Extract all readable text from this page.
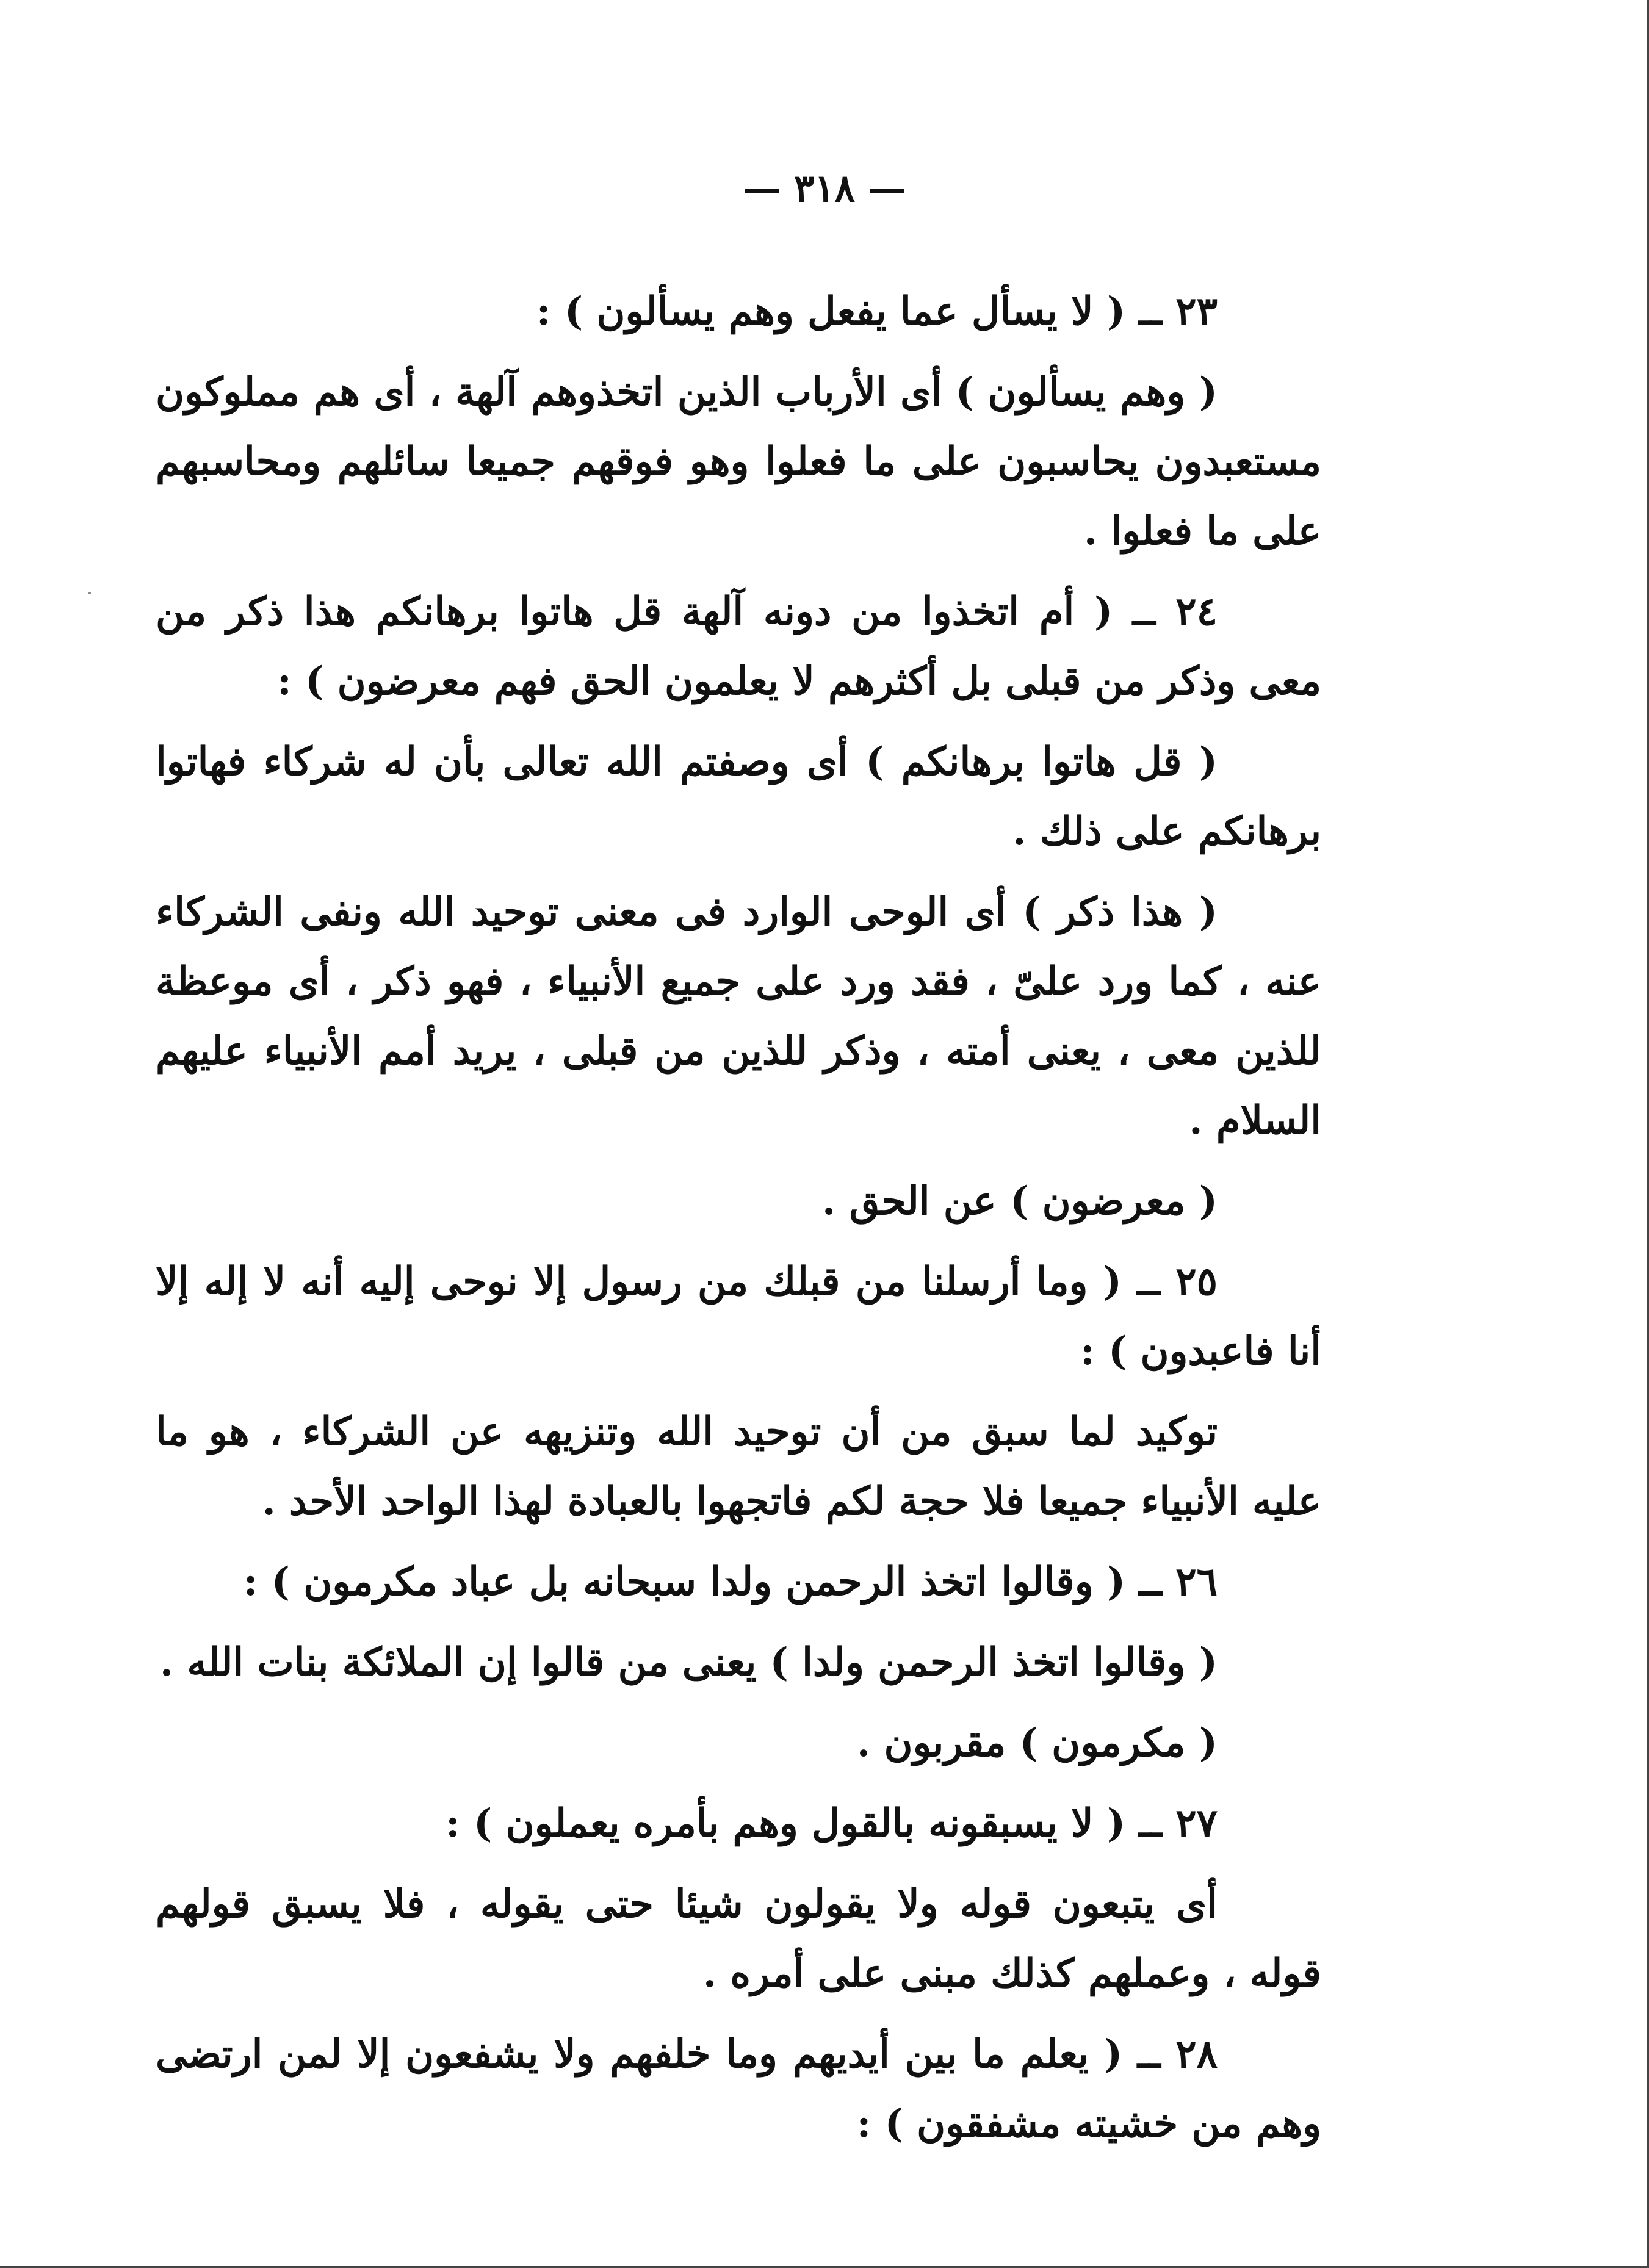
— ٣١٨ —

٢٣ ــ ( لا يسأل عما يفعل وهم يسألون ) :

( وهم يسألون ) أى الأرباب الذين اتخذوهم آلهة ، أى هم مملوكون مستعبدون يحاسبون على ما فعلوا وهو فوقهم جميعا سائلهم ومحاسبهم على ما فعلوا .

٢٤ ــ ( أم اتخذوا من دونه آلهة قل هاتوا برهانكم هذا ذكر من معى وذكر من قبلى بل أكثرهم لا يعلمون الحق فهم معرضون ) :

( قل هاتوا برهانكم ) أى وصفتم الله تعالى بأن له شركاء فهاتوا برهانكم على ذلك .

( هذا ذكر ) أى الوحى الوارد فى معنى توحيد الله ونفى الشركاء عنه ، كما ورد علىّ ، فقد ورد على جميع الأنبياء ، فهو ذكر ، أى موعظة للذين معى ، يعنى أمته ، وذكر للذين من قبلى ، يريد أمم الأنبياء عليهم السلام .

( معرضون ) عن الحق .

٢٥ ــ ( وما أرسلنا من قبلك من رسول إلا نوحى إليه أنه لا إله إلا أنا فاعبدون ) :

توكيد لما سبق من أن توحيد الله وتنزيهه عن الشركاء ، هو ما عليه الأنبياء جميعا فلا حجة لكم فاتجهوا بالعبادة لهذا الواحد الأحد .

٢٦ ــ ( وقالوا اتخذ الرحمن ولدا سبحانه بل عباد مكرمون ) :

( وقالوا اتخذ الرحمن ولدا ) يعنى من قالوا إن الملائكة بنات الله .

( مكرمون ) مقربون .

٢٧ ــ ( لا يسبقونه بالقول وهم بأمره يعملون ) :

أى يتبعون قوله ولا يقولون شيئا حتى يقوله ، فلا يسبق قولهم قوله ، وعملهم كذلك مبنى على أمره .

٢٨ ــ ( يعلم ما بين أيديهم وما خلفهم ولا يشفعون إلا لمن ارتضى وهم من خشيته مشفقون ) :
